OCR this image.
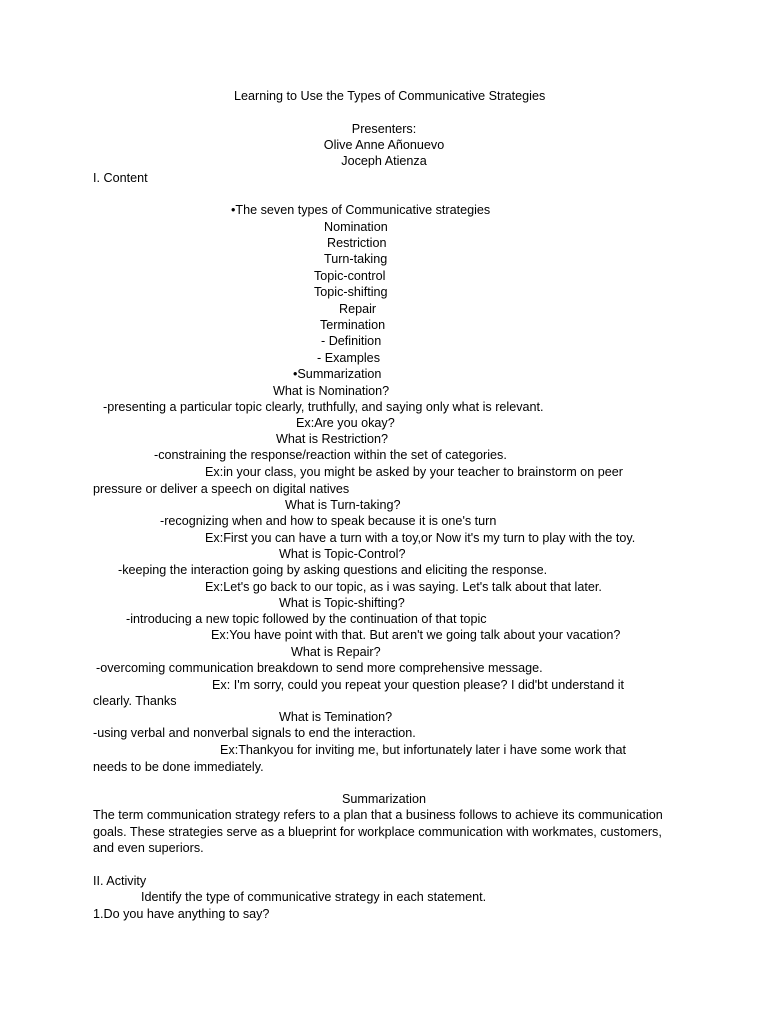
Learning to Use the Types of Communicative Strategies
Presenters:
Olive Anne Añonuevo
Joceph Atienza
I. Content
•The seven types of Communicative strategies
Nomination
Restriction
Turn-taking
Topic-control
Topic-shifting
Repair
Termination
- Definition
- Examples
•Summarization
What is Nomination?
-presenting a particular topic clearly, truthfully, and saying only what is relevant.
Ex:Are you okay?
What is Restriction?
-constraining the response/reaction within the set of categories.
Ex:in your class, you might be asked by your teacher to brainstorm on peer
pressure or deliver a speech on digital natives
What is Turn-taking?
-recognizing when and how to speak because it is one's turn
Ex:First you can have a turn with a toy,or Now it's my turn to play with the toy.
What is Topic-Control?
-keeping the interaction going by asking questions and eliciting the response.
Ex:Let's go back to our topic, as i was saying. Let's talk about that later.
What is Topic-shifting?
-introducing a new topic followed by the continuation of that topic
Ex:You have point with that. But aren't we going talk about your vacation?
What is Repair?
-overcoming communication breakdown to send more comprehensive message.
Ex: I'm sorry, could you repeat your question please? I did'bt understand it
clearly. Thanks
What is Temination?
-using verbal and nonverbal signals to end the interaction.
Ex:Thankyou for inviting me, but infortunately later i have some work that
needs to be done immediately.
Summarization
The term communication strategy refers to a plan that a business follows to achieve its communication goals. These strategies serve as a blueprint for workplace communication with workmates, customers, and even superiors.
II. Activity
Identify the type of communicative strategy in each statement.
1.Do you have anything to say?
